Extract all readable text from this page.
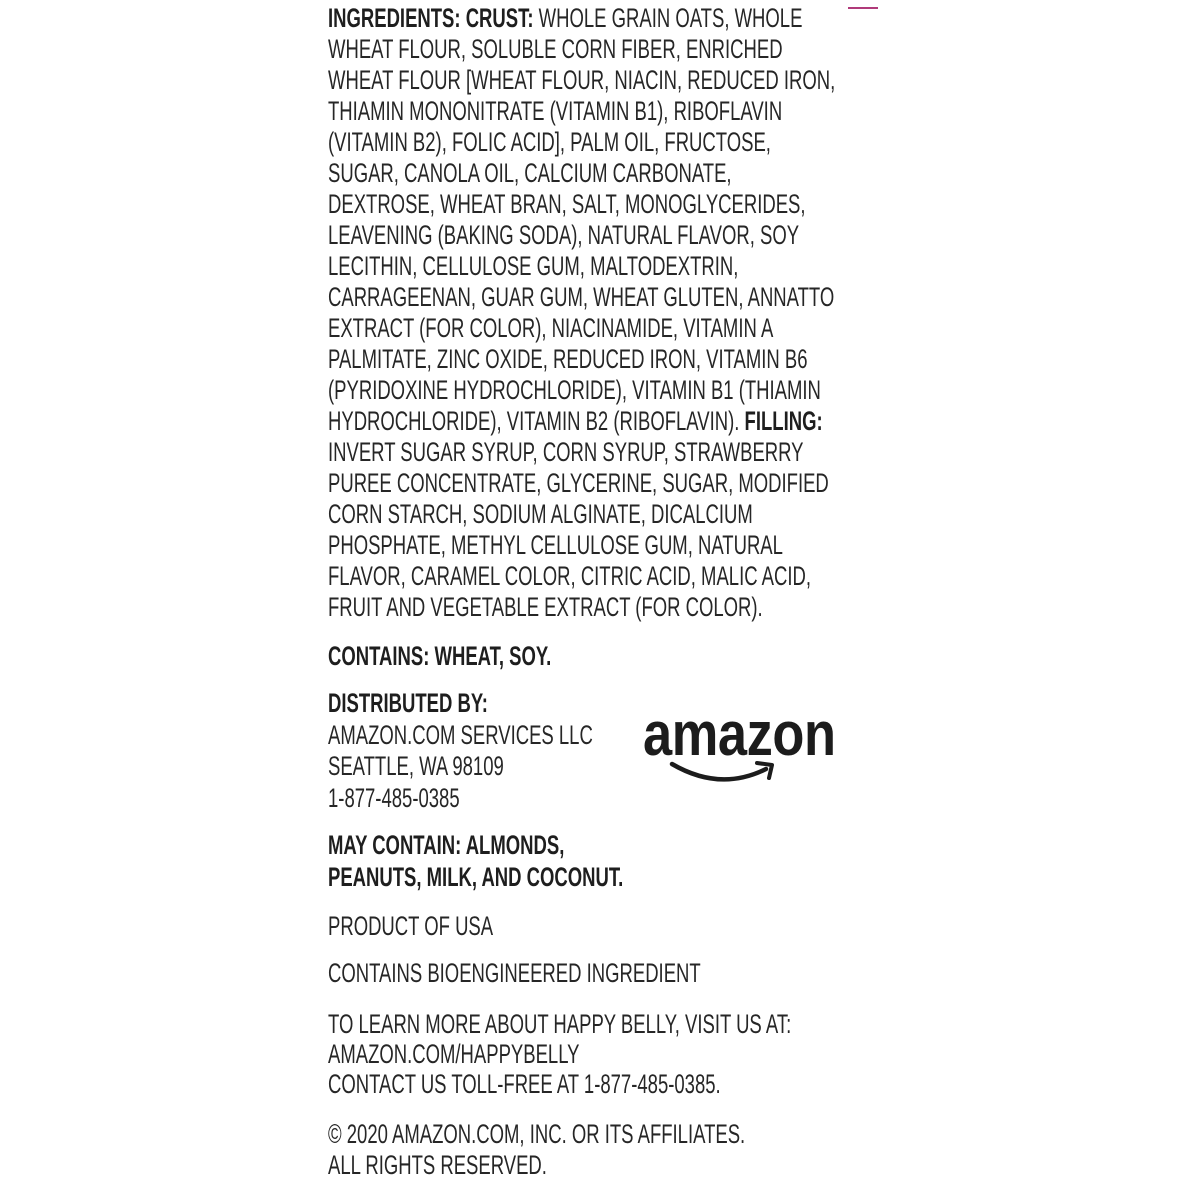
INGREDIENTS: CRUST: WHOLE GRAIN OATS, WHOLE
WHEAT FLOUR, SOLUBLE CORN FIBER, ENRICHED
WHEAT FLOUR [WHEAT FLOUR, NIACIN, REDUCED IRON,
THIAMIN MONONITRATE (VITAMIN B1), RIBOFLAVIN
(VITAMIN B2), FOLIC ACID], PALM OIL, FRUCTOSE,
SUGAR, CANOLA OIL, CALCIUM CARBONATE,
DEXTROSE, WHEAT BRAN, SALT, MONOGLYCERIDES,
LEAVENING (BAKING SODA), NATURAL FLAVOR, SOY
LECITHIN, CELLULOSE GUM, MALTODEXTRIN,
CARRAGEENAN, GUAR GUM, WHEAT GLUTEN, ANNATTO
EXTRACT (FOR COLOR), NIACINAMIDE, VITAMIN A
PALMITATE, ZINC OXIDE, REDUCED IRON, VITAMIN B6
(PYRIDOXINE HYDROCHLORIDE), VITAMIN B1 (THIAMIN
HYDROCHLORIDE), VITAMIN B2 (RIBOFLAVIN). FILLING:
INVERT SUGAR SYRUP, CORN SYRUP, STRAWBERRY
PUREE CONCENTRATE, GLYCERINE, SUGAR, MODIFIED
CORN STARCH, SODIUM ALGINATE, DICALCIUM
PHOSPHATE, METHYL CELLULOSE GUM, NATURAL
FLAVOR, CARAMEL COLOR, CITRIC ACID, MALIC ACID,
FRUIT AND VEGETABLE EXTRACT (FOR COLOR).
CONTAINS: WHEAT, SOY.
DISTRIBUTED BY:
AMAZON.COM SERVICES LLC
SEATTLE, WA 98109
1-877-485-0385
amazon
MAY CONTAIN: ALMONDS,
PEANUTS, MILK, AND COCONUT.
PRODUCT OF USA
CONTAINS BIOENGINEERED INGREDIENT
TO LEARN MORE ABOUT HAPPY BELLY, VISIT US AT:
AMAZON.COM/HAPPYBELLY
CONTACT US TOLL-FREE AT 1-877-485-0385.
© 2020 AMAZON.COM, INC. OR ITS AFFILIATES.
ALL RIGHTS RESERVED.
